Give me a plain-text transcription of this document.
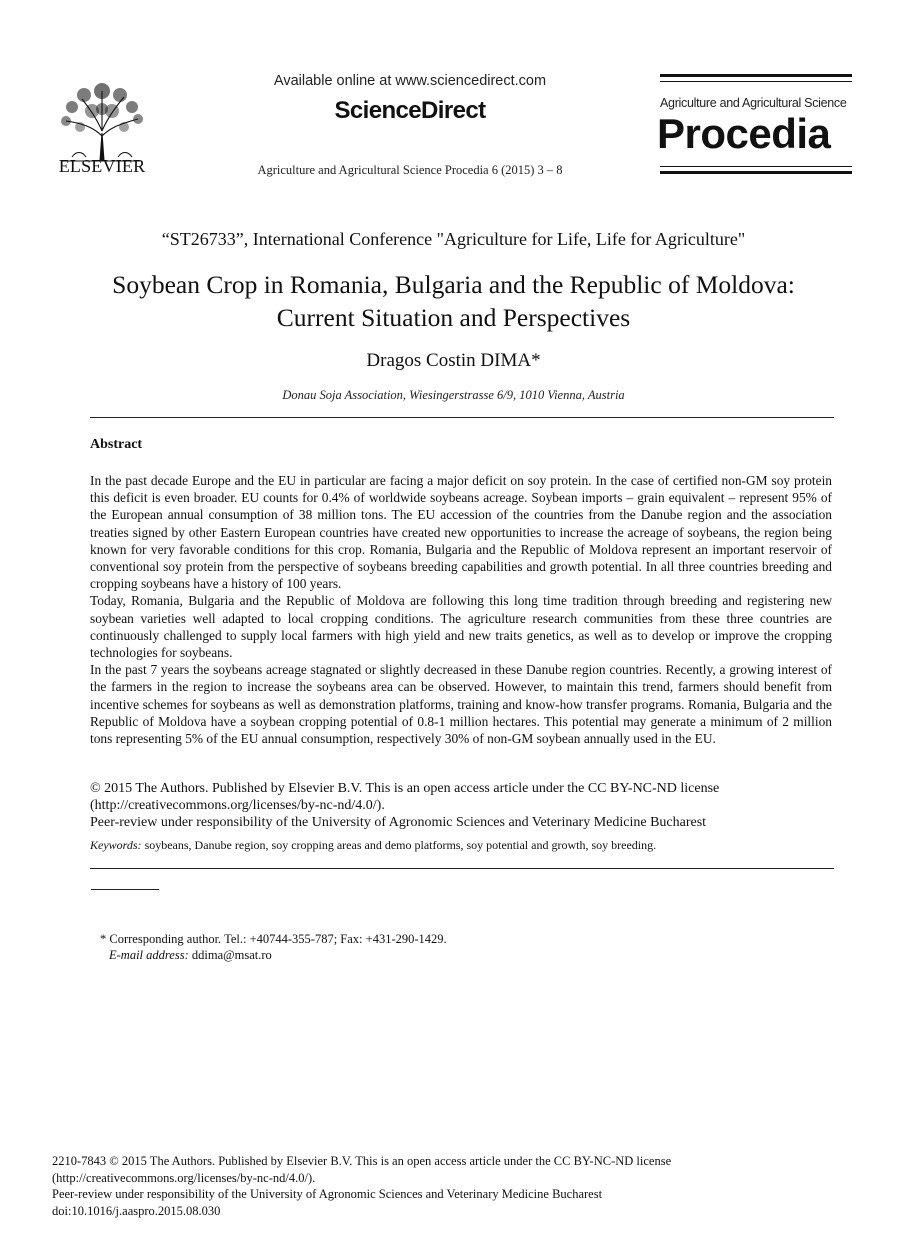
ELSEVIER
Available online at www.sciencedirect.com
ScienceDirect
Agriculture and Agricultural Science Procedia 6 (2015) 3 – 8
Agriculture and Agricultural Science
Procedia
“ST26733”, International Conference "Agriculture for Life, Life for Agriculture"
Soybean Crop in Romania, Bulgaria and the Republic of Moldova:
Current Situation and Perspectives
Dragos Costin DIMA*
Donau Soja Association, Wiesingerstrasse 6/9, 1010 Vienna, Austria
Abstract

In the past decade Europe and the EU in particular are facing a major deficit on soy protein. In the case of certified non-GM soy protein this deficit is even broader. EU counts for 0.4% of worldwide soybeans acreage. Soybean imports – grain equivalent – represent 95% of the European annual consumption of 38 million tons. The EU accession of the countries from the Danube region and the association treaties signed by other Eastern European countries have created new opportunities to increase the acreage of soybeans, the region being known for very favorable conditions for this crop. Romania, Bulgaria and the Republic of Moldova represent an important reservoir of conventional soy protein from the perspective of soybeans breeding capabilities and growth potential. In all three countries breeding and cropping soybeans have a history of 100 years.

Today, Romania, Bulgaria and the Republic of Moldova are following this long time tradition through breeding and registering new soybean varieties well adapted to local cropping conditions. The agriculture research communities from these three countries are continuously challenged to supply local farmers with high yield and new traits genetics, as well as to develop or improve the cropping technologies for soybeans.

In the past 7 years the soybeans acreage stagnated or slightly decreased in these Danube region countries. Recently, a growing interest of the farmers in the region to increase the soybeans area can be observed. However, to maintain this trend, farmers should benefit from incentive schemes for soybeans as well as demonstration platforms, training and know-how transfer programs. Romania, Bulgaria and the Republic of Moldova have a soybean cropping potential of 0.8-1 million hectares. This potential may generate a minimum of 2 million tons representing 5% of the EU annual consumption, respectively 30% of non-GM soybean annually used in the EU.

© 2015 The Authors. Published by Elsevier B.V. This is an open access article under the CC BY-NC-ND license

(http://creativecommons.org/licenses/by-nc-nd/4.0/).

Peer-review under responsibility of the University of Agronomic Sciences and Veterinary Medicine Bucharest

Keywords: soybeans, Danube region, soy cropping areas and demo platforms, soy potential and growth, soy breeding.

* Corresponding author. Tel.: +40744-355-787; Fax: +431-290-1429.

E-mail address: ddima@msat.ro

2210-7843 © 2015 The Authors. Published by Elsevier B.V. This is an open access article under the CC BY-NC-ND license

(http://creativecommons.org/licenses/by-nc-nd/4.0/).

Peer-review under responsibility of the University of Agronomic Sciences and Veterinary Medicine Bucharest

doi:10.1016/j.aaspro.2015.08.030
